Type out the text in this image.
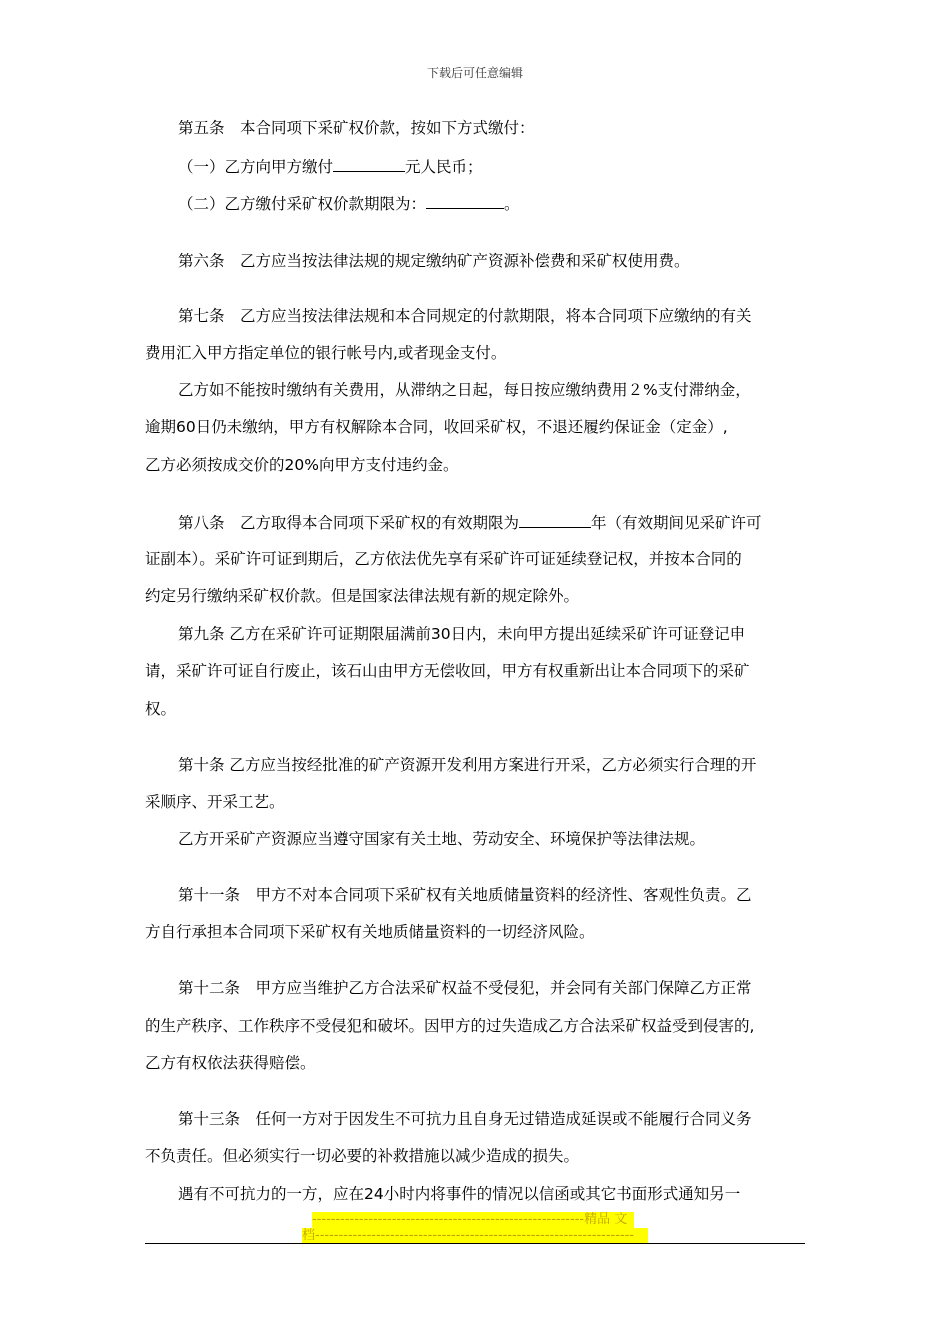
下载后可任意编辑
第五条　本合同项下采矿权价款，按如下方式缴付：
（一）乙方向甲方缴付	元人民币；
（二）乙方缴付采矿权价款期限为：	。
第六条　乙方应当按法律法规的规定缴纳矿产资源补偿费和采矿权使用费。
第七条　乙方应当按法律法规和本合同规定的付款期限，将本合同项下应缴纳的有关
费用汇入甲方指定单位的银行帐号内,或者现金支付。
乙方如不能按时缴纳有关费用，从滞纳之日起，每日按应缴纳费用２%支付滞纳金，
逾期60日仍未缴纳，甲方有权解除本合同，收回采矿权，不退还履约保证金（定金）,
乙方必须按成交价的20%向甲方支付违约金。
第八条　乙方取得本合同项下采矿权的有效期限为	年（有效期间见采矿许可
证副本）。采矿许可证到期后，乙方依法优先享有采矿许可证延续登记权，并按本合同的
约定另行缴纳采矿权价款。但是国家法律法规有新的规定除外。
第九条 乙方在采矿许可证期限届满前30日内，未向甲方提出延续采矿许可证登记申
请，采矿许可证自行废止，该石山由甲方无偿收回，甲方有权重新出让本合同项下的采矿
权。
第十条 乙方应当按经批准的矿产资源开发利用方案进行开采，乙方必须实行合理的开
采顺序、开采工艺。
乙方开采矿产资源应当遵守国家有关土地、劳动安全、环境保护等法律法规。
第十一条　甲方不对本合同项下采矿权有关地质储量资料的经济性、客观性负责。乙
方自行承担本合同项下采矿权有关地质储量资料的一切经济风险。
第十二条　甲方应当维护乙方合法采矿权益不受侵犯，并会同有关部门保障乙方正常
的生产秩序、工作秩序不受侵犯和破坏。因甲方的过失造成乙方合法采矿权益受到侵害的,
乙方有权依法获得赔偿。
第十三条　任何一方对于因发生不可抗力且自身无过错造成延误或不能履行合同义务
不负责任。但必须实行一切必要的补救措施以减少造成的损失。
遇有不可抗力的一方，应在24小时内将事件的情况以信函或其它书面形式通知另一
----------------------------------------------------------精品 文
档--------------------------------------------------------------------
